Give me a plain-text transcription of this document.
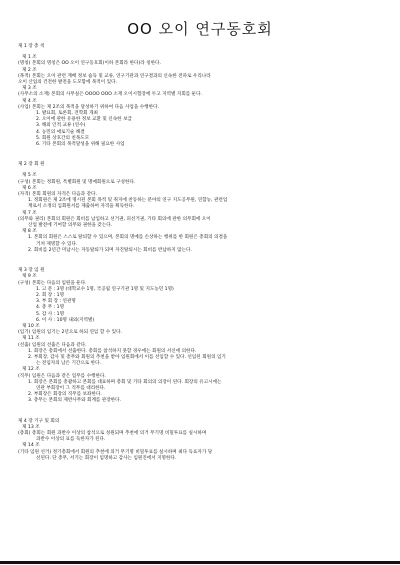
OO 오이 연구동호회
제 1 장 총 칙
제 1 조
(명칭) 본회의 명칭은 OO 오이 연구동호회(이하 본회라 한다)라 칭한다.
제 2 조
(목적) 본회는 오이 관련 재배 정보 습득 및 교류, 연구기관과 연구결과의 신속한 전파로 우리나라
오이 산업의 건전한 발전을 도모함에 목적이 있다.
제 3 조
(사무소의 소재) 본회의 사무실은 OOOO OOO 소재 오이시험장에 두고 지역별 지회를 둔다.
제 4 조
(사업) 본회는 제 2조의 목적을 달성하기 위하여 다음 사업을 수행한다.
1. 발표회, 토론회, 견학회 개최
2. 오이에 관한 유용한 정보 교환 및 신속한 보급
3. 해외 인적 교류 (연수)
4. 농민의 애로기술 해결
5. 회원 상호간의 친목도모
6. 기타 본회의 목적달성을 위해 필요한 사업
제 2 장 회 원
제 5 조
(구성) 본회는 정회원, 특별회원 및 명예회원으로 구성한다.
제 6 조
(자격) 본회 회원의 자격은 다음과 같다.
1. 정회원은 제 2조에 명시된 본회 목적 및 취지에 찬동하는 분야의 연구 지도공무원, 연합농, 관련업
계로서 소정의 입회원서를 제출하여 자격을 획득한다.
제 7 조
(의무와 권리) 본회의 회원은 회비를 납입하고 선거권, 피선거권, 기타 회의에 관한 의무회에 오이
산업 발전에 기여할 의무와 권한을 갖는다.
제 8 조
1. 본회의 회원은 스스로 탈퇴할 수 있으며, 본회의 명예를 손상하는 행위를 한 회원은 총회의 의결을
거쳐 제명할 수 있다.
2. 회비를 2년간 미납시는 자동탈퇴가 되며 자진탈퇴시는 회비를 반납하지 않는다.
제 3 장 임 원
제 9 조
(구성) 본회는 다음의 임원을 둔다.
1. 고 문 : 3명 (대학교수 1명, 국공립 연구기관 1명 및 지도농민 1명)
2. 회 장 : 1명
3. 부 회 장 : 연관명
4. 총 무 : 1명
5. 감 사 : 1명
6. 이 사 : 10명 내외(지역별)
제 10 조
(임기) 임원의 임기는 2년으로 하되 연임 할 수 있다.
제 11 조
(선출) 임원의 선출은 다음과 같다.
1. 회장은 총회에서 선출한다. 총회를 참석하지 못할 경우에는 회원의 서신에 의한다.
2. 부회장, 감사 및 총무와 회원의 추천을 받아 임원회에서 이를 선임할 수 있다. 선임된 회원의 임기
는 전임자의 남은 기간으로 한다.
제 12 조
(직무) 임원은 다음과 같은 업무를 수행한다.
1. 회장은 본회를 총괄하고 본회를 대표하며 총회 및 기타 회의의 의장이 된다. 회장의 유고시에는
연관 부회장이 그 직무를 대리한다.
2. 부회장은 회장의 직무를 보좌한다.
3. 총무는 본회의 제반사무와 회계를 관장한다.
제 4 장 기구 및 회의
제 13 조
(총회) 총회는 회원 과반수 이상의 참석으로 성원되며 추천에 의거 무기명 비밀투표를 실시하며
과반수 이상의 표를 득한자가 된다.
제 14 조
(기타 임원 선거) 정기총회에서 회원의 추천에 의거 무기명 비밀투표를 실시하며 최다 득표자가 당
선된다. 단 총무, 서기는 회장이 임명하고 감사는 임원진에서 지명한다.
